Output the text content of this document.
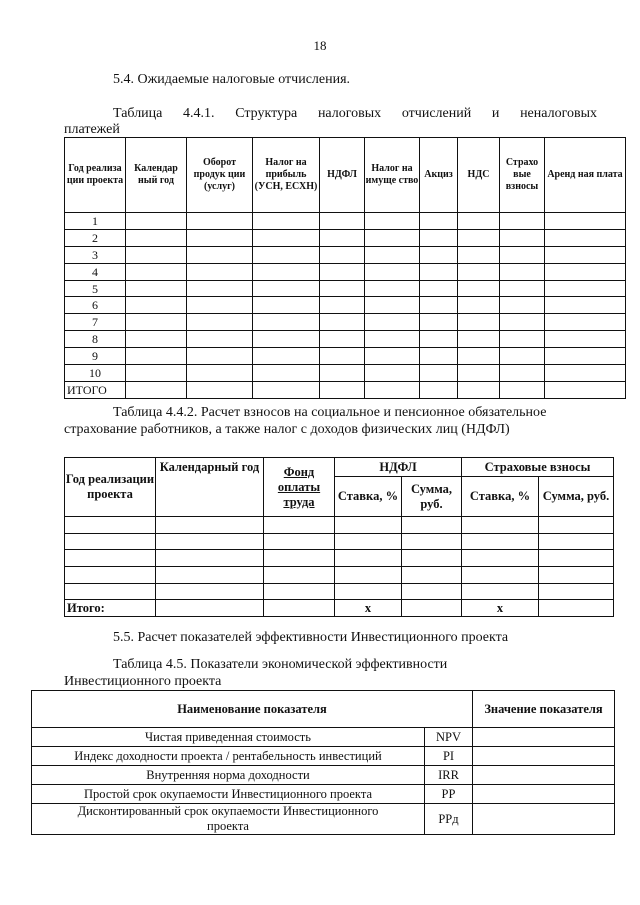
18
5.4. Ожидаемые налоговые отчисления.
Таблица 4.4.1. Структура налоговых отчислений и неналоговых
платежей
Год реализа ции проекта	Календар ный год	Оборот продук ции (услуг)	Налог на прибыль (УСН, ЕСХН)	НДФЛ	Налог на имуще ство	Акциз	НДС	Страхо вые взносы	Аренд ная плата
1									
2									
3									
4									
5									
6									
7									
8									
9									
10									
ИТОГО									
Таблица 4.4.2. Расчет взносов на социальное и пенсионное обязательное
страхование работников, а также налог с доходов физических лиц (НДФЛ)
Год реализации проекта	Календарный год	Фонд оплаты труда	НДФЛ		Страховые взносы	
			Ставка, %	Сумма, руб.	Ставка, %	Сумма, руб.

Итого:			х		х	
5.5. Расчет показателей эффективности Инвестиционного проекта
Таблица 4.5. Показатели экономической эффективности
Инвестиционного проекта
Наименование показателя		Значение показателя
Чистая приведенная стоимость	NPV	
Индекс доходности проекта / рентабельность инвестиций	PI	
Внутренняя норма доходности	IRR	
Простой срок окупаемости Инвестиционного проекта	PP	
Дисконтированный срок окупаемости Инвестиционного проекта	PPд	
